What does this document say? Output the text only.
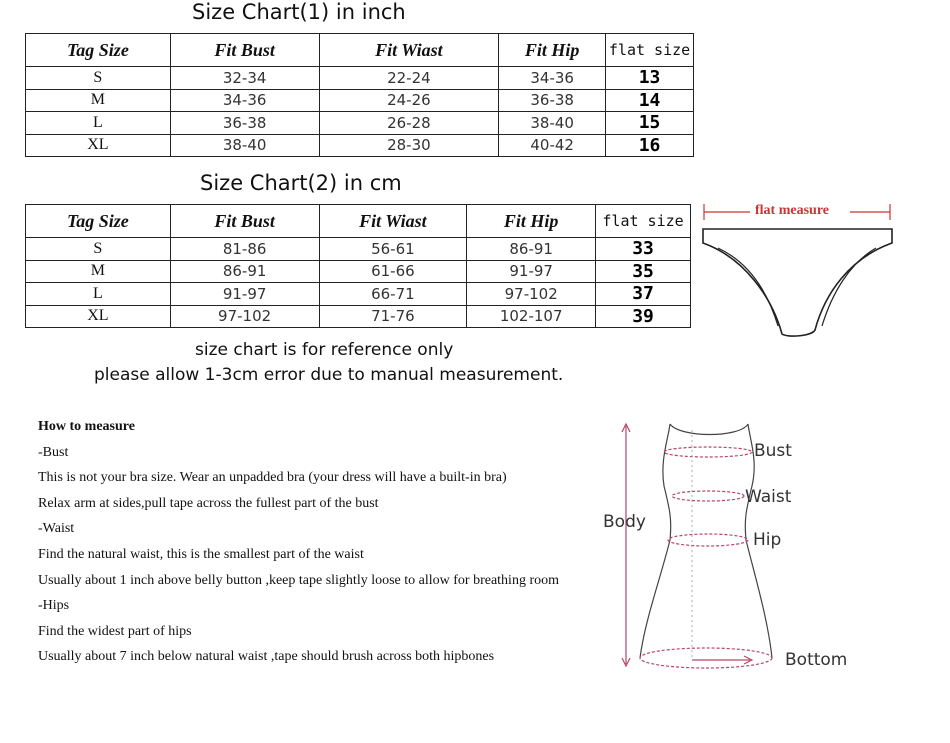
Size Chart(1) in inch
Tag Size	Fit Bust	Fit Wiast	Fit Hip	flat size
S	32-34	22-24	34-36	13
M	34-36	24-26	36-38	14
L	36-38	26-28	38-40	15
XL	38-40	28-30	40-42	16
Size Chart(2) in cm
Tag Size	Fit Bust	Fit Wiast	Fit Hip	flat size
S	81-86	56-61	86-91	33
M	86-91	61-66	91-97	35
L	91-97	66-71	97-102	37
XL	97-102	71-76	102-107	39
flat measure
size chart is for reference only
please allow 1-3cm error due to manual measurement.
How to measure
-Bust
This is not your bra size. Wear an unpadded bra (your dress will have a built-in bra)
Relax arm at sides,pull tape across the fullest part of the bust
-Waist
Find the natural waist, this is the smallest part of the waist
Usually about 1 inch above belly button ,keep tape slightly loose to allow for breathing room
-Hips
Find the widest part of hips
Usually about 7 inch below natural waist ,tape should brush across both hipbones
Bust
Waist
Body
Hip
Bottom
